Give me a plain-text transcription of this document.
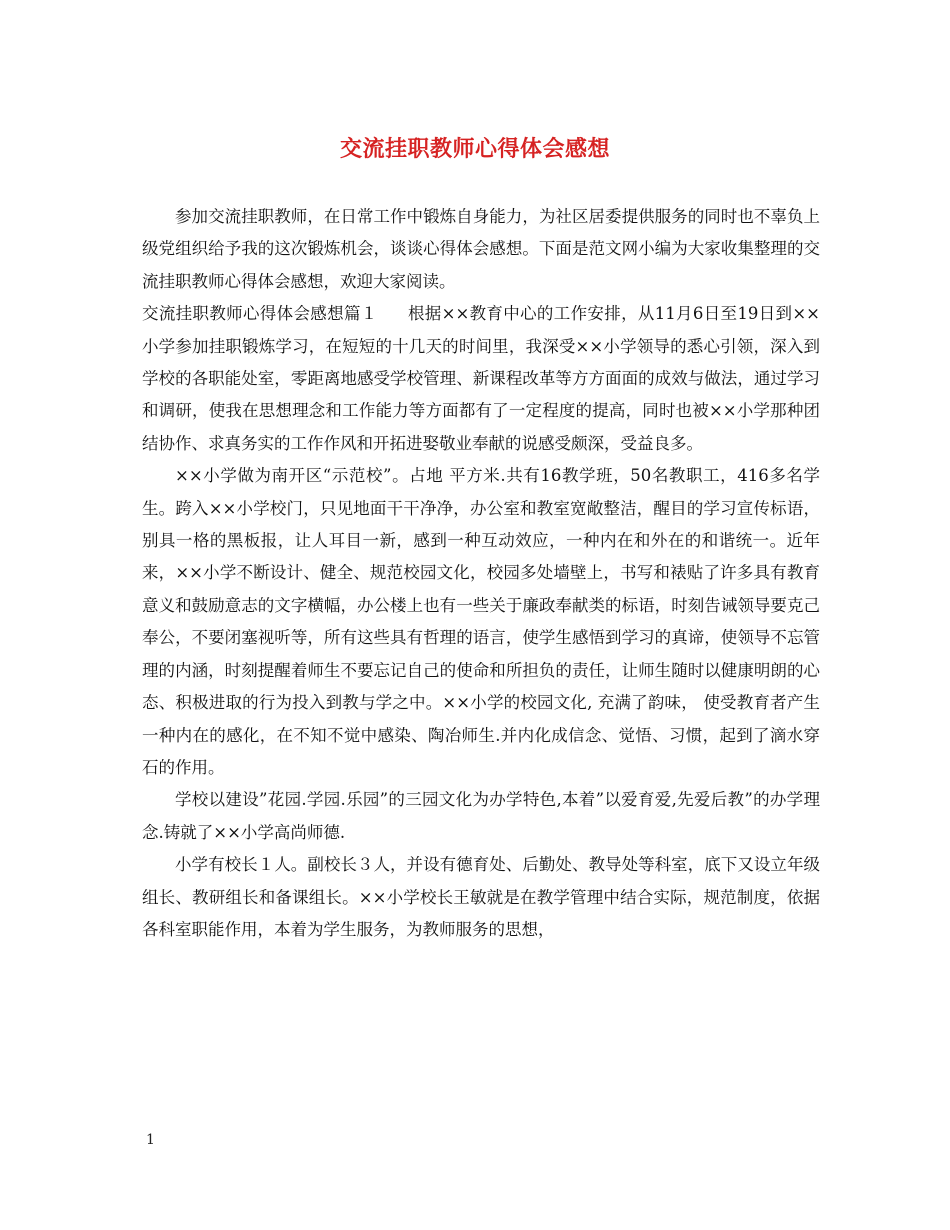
交流挂职教师心得体会感想

参加交流挂职教师，在日常工作中锻炼自身能力，为社区居委提供服务的同时也不辜负上级党组织给予我的这次锻炼机会，谈谈心得体会感想。下面是范文网小编为大家收集整理的交流挂职教师心得体会感想，欢迎大家阅读。

交流挂职教师心得体会感想篇１ 根据××教育中心的工作安排，从11月6日至19日到××小学参加挂职锻炼学习，在短短的十几天的时间里，我深受××小学领导的悉心引领，深入到学校的各职能处室，零距离地感受学校管理、新课程改革等方方面面的成效与做法，通过学习和调研，使我在思想理念和工作能力等方面都有了一定程度的提高，同时也被××小学那种团结协作、求真务实的工作作风和开拓进娶敬业奉献的说感受颇深，受益良多。

××小学做为南开区“示范校”。占地 平方米.共有16教学班，50名教职工，416多名学生。跨入××小学校门，只见地面干干净净，办公室和教室宽敞整洁，醒目的学习宣传标语，别具一格的黑板报，让人耳目一新，感到一种互动效应，一种内在和外在的和谐统一。近年来，××小学不断设计、健全、规范校园文化，校园多处墙壁上，书写和裱贴了许多具有教育意义和鼓励意志的文字横幅，办公楼上也有一些关于廉政奉献类的标语，时刻告诫领导要克己奉公，不要闭塞视听等，所有这些具有哲理的语言，使学生感悟到学习的真谛，使领导不忘管理的内涵，时刻提醒着师生不要忘记自己的使命和所担负的责任，让师生随时以健康明朗的心态、积极进取的行为投入到教与学之中。××小学的校园文化, 充满了韵味， 使受教育者产生一种内在的感化，在不知不觉中感染、陶冶师生.并内化成信念、觉悟、习惯，起到了滴水穿石的作用。

学校以建设”花园.学园.乐园”的三园文化为办学特色,本着”以爱育爱,先爱后教”的办学理念.铸就了××小学高尚师德.

小学有校长１人。副校长３人，并设有德育处、后勤处、教导处等科室，底下又设立年级组长、教研组长和备课组长。××小学校长王敏就是在教学管理中结合实际，规范制度，依据各科室职能作用，本着为学生服务，为教师服务的思想，

1
